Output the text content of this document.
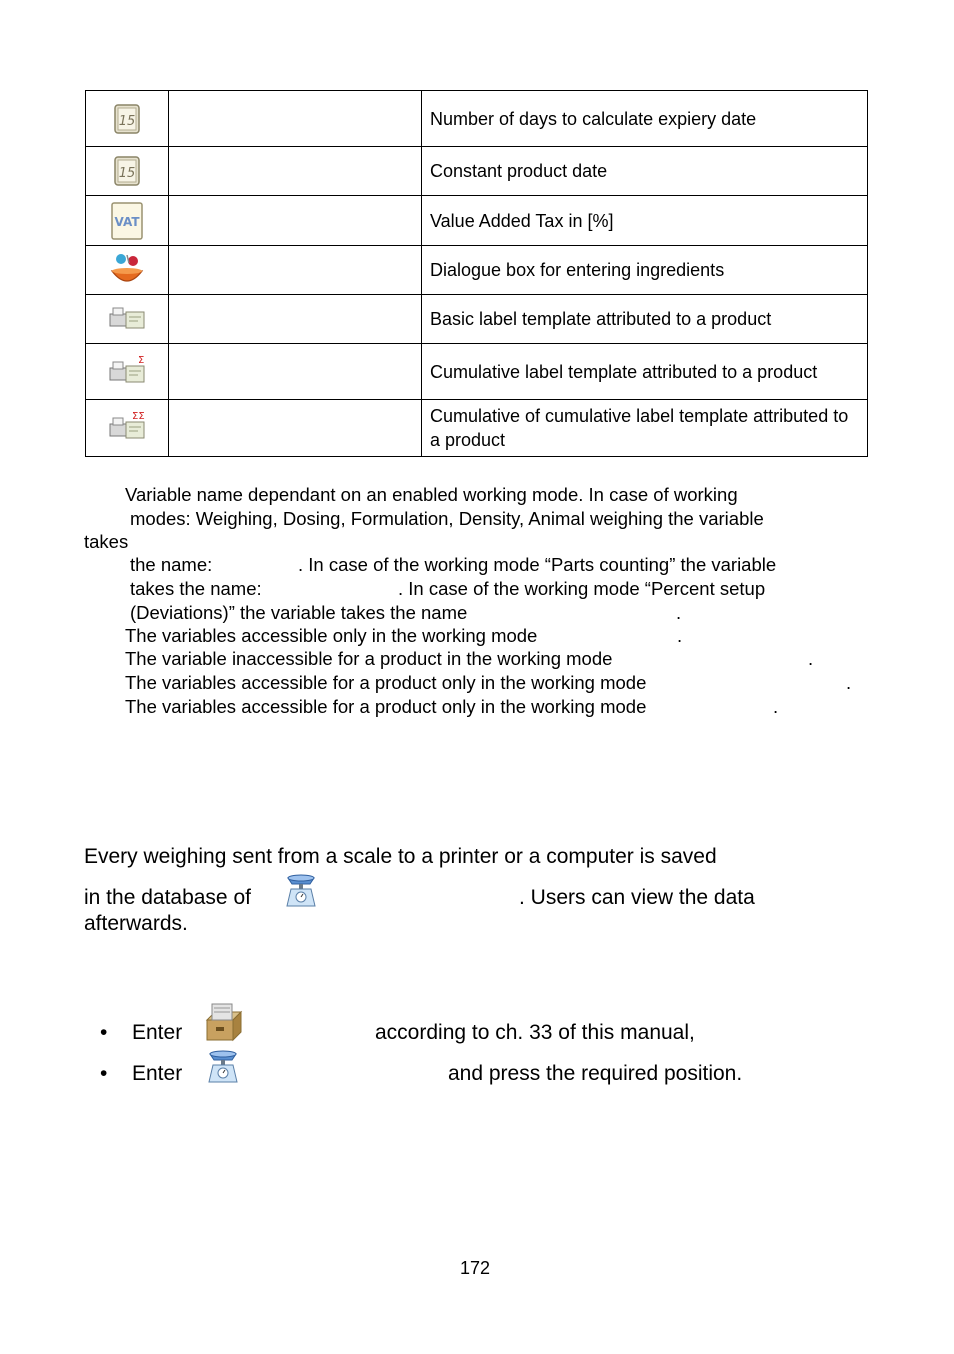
15		Number of days to calculate expiery date

15		Constant product date

VAT		Value Added Tax in [%]
		Dialogue box for entering ingredients
		Basic label template attributed to a product

Σ		Cumulative label template attributed to a product

ΣΣ		Cumulative of cumulative label template attributed to a product
Variable name dependant on an enabled working mode. In case of working
modes: Weighing, Dosing, Formulation, Density, Animal weighing the variable
takes
the name:	. In case of the working mode “Parts counting” the variable
takes the name:	. In case of the working mode “Percent setup
(Deviations)” the variable takes the name	.
The variables accessible only in the working mode	.
The variable inaccessible for a product in the working mode	.
The variables accessible for a product only in the working mode	.
The variables accessible for a product only in the working mode	.
Every weighing sent from a scale to a printer or a computer is saved
in the database of	. Users can view the data
afterwards.
• Enter	according to ch. 33 of this manual,
• Enter	and press the required position.
172
